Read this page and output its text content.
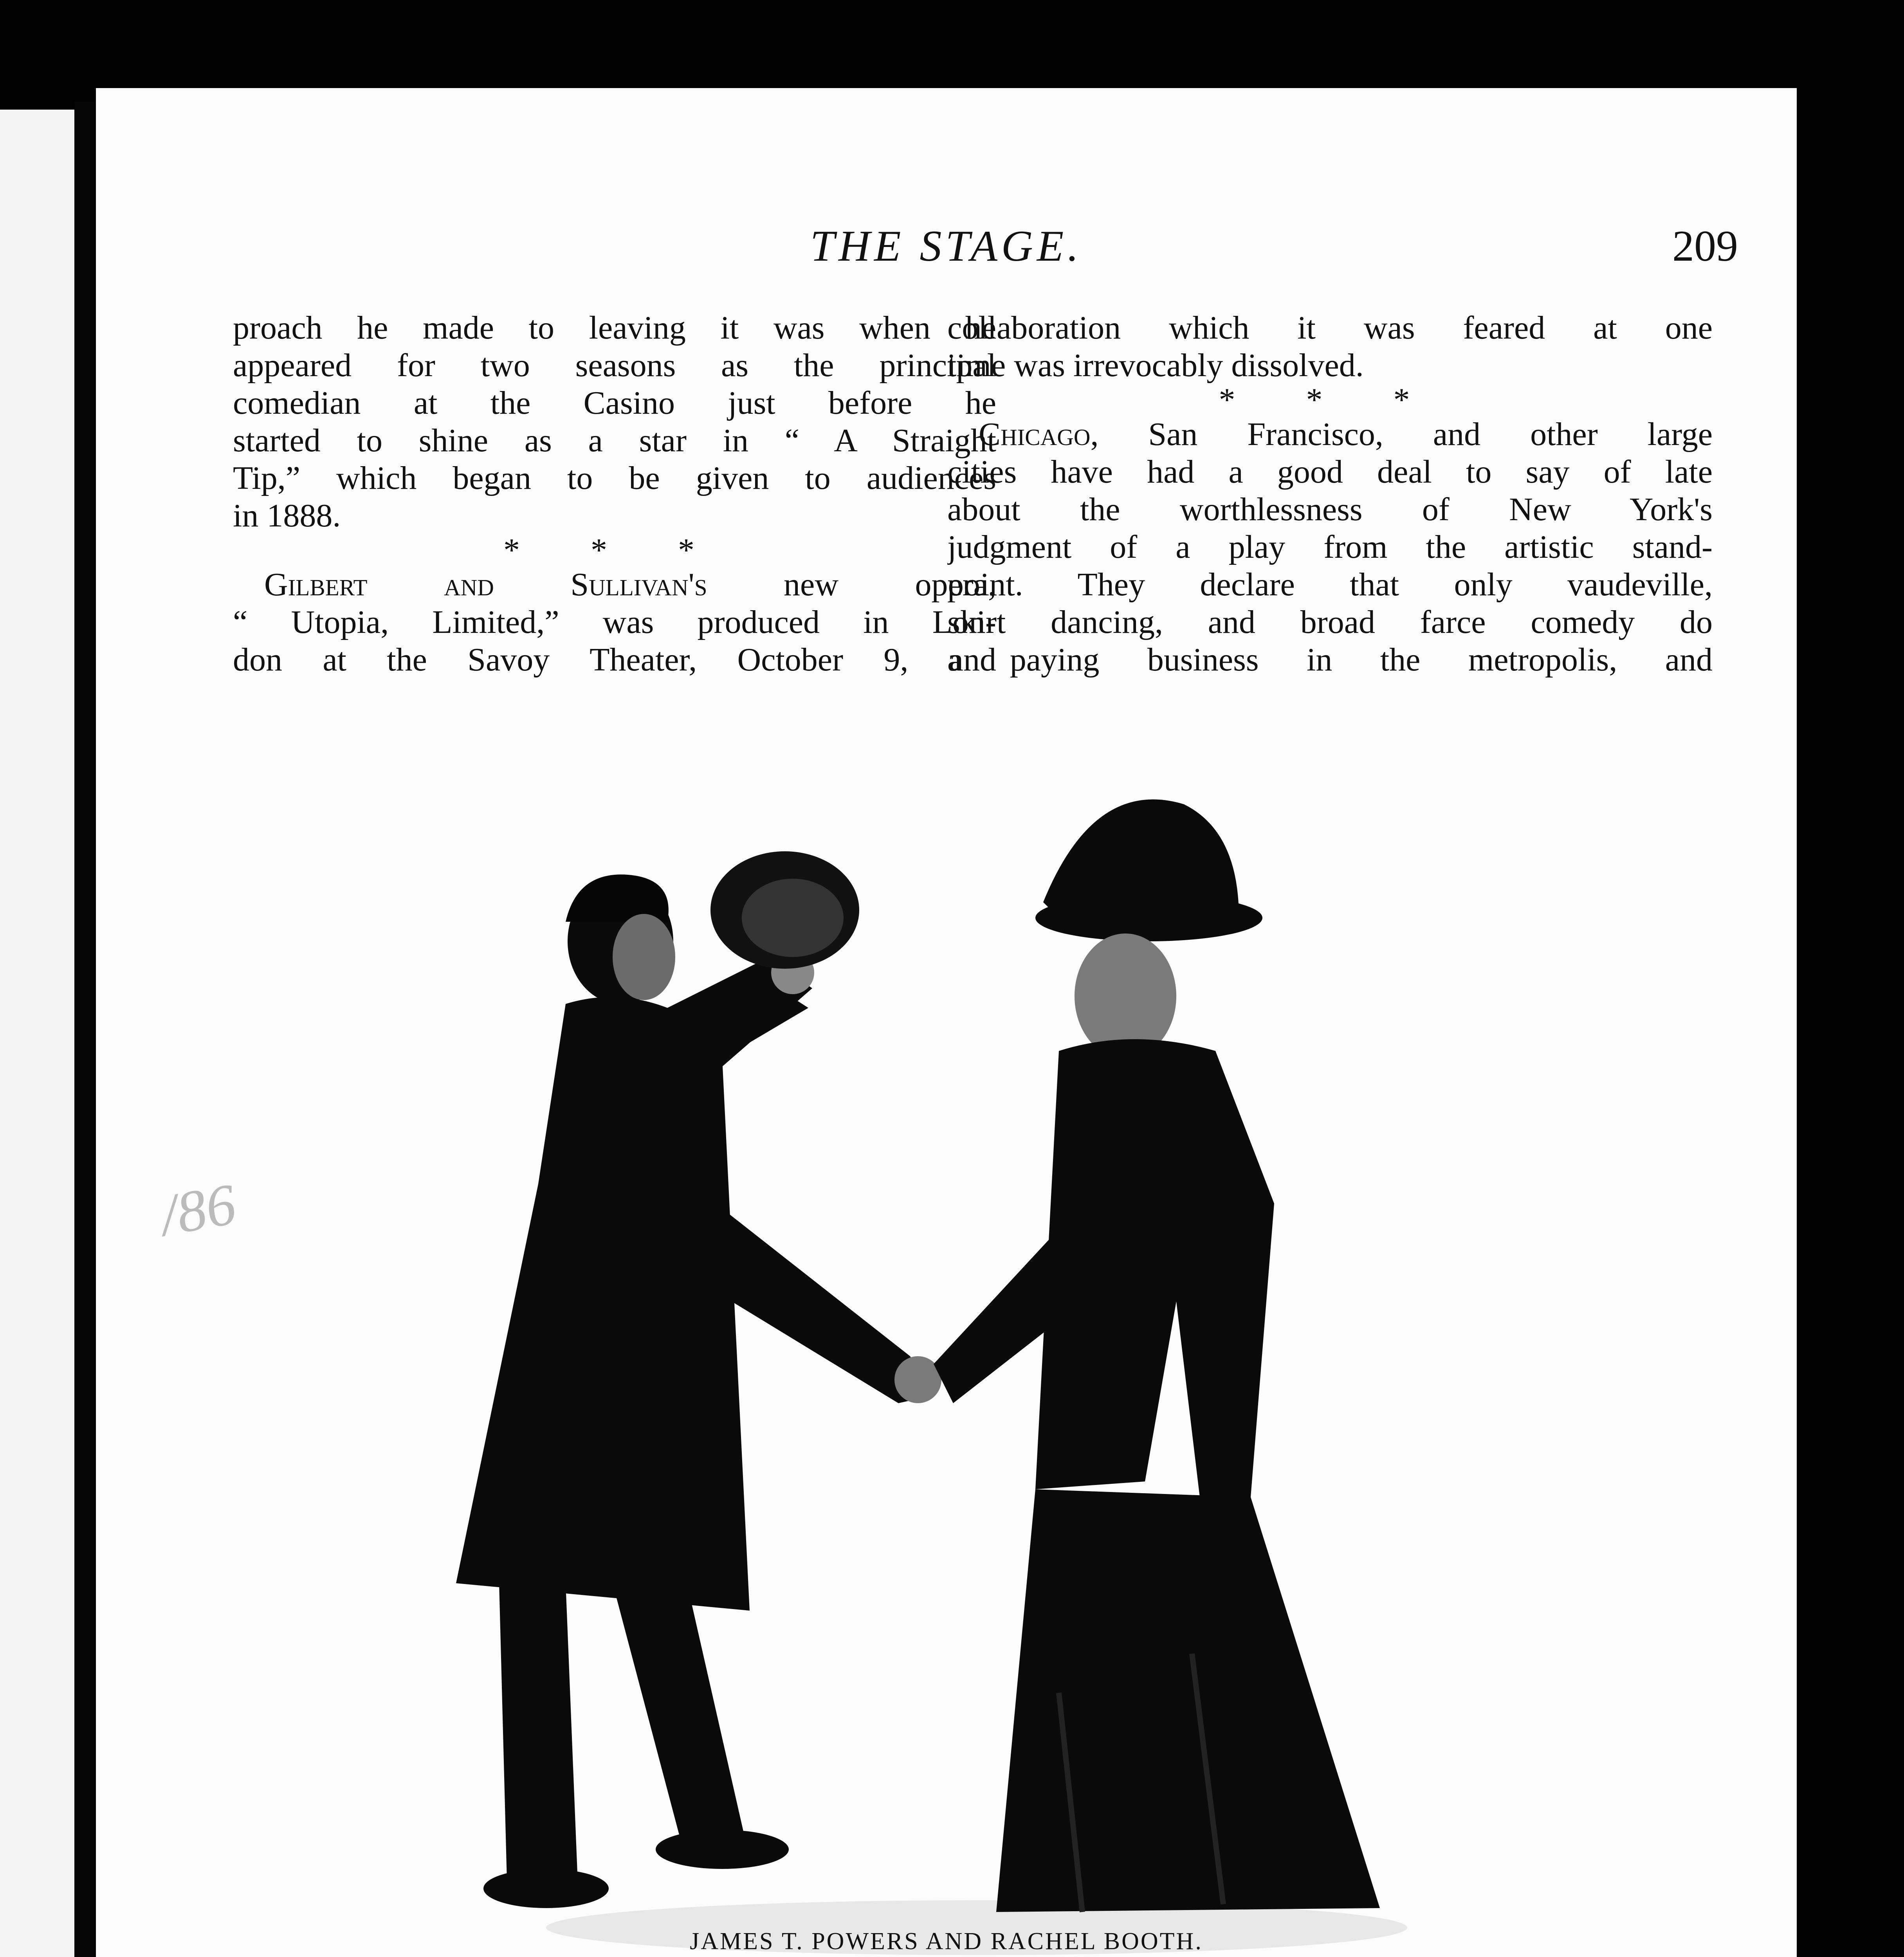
THE STAGE.	209
proach he made to leaving it was when he
appeared for two seasons as the principal
comedian at the Casino just before he
started to shine as a star in “ A Straight
Tip,” which began to be given to audiences
in 1888.
* * *
Gilbert and Sullivan's new opera,
“ Utopia, Limited,” was produced in Lon-
don at the Savoy Theater, October 9, and
collaboration which it was feared at one
time was irrevocably dissolved.
* * *
Chicago, San Francisco, and other large
cities have had a good deal to say of late
about the worthlessness of New York's
judgment of a play from the artistic stand-
point. They declare that only vaudeville,
skirt dancing, and broad farce comedy do
a paying business in the metropolis, and
JAMES T. POWERS AND RACHEL BOOTH.
/86
